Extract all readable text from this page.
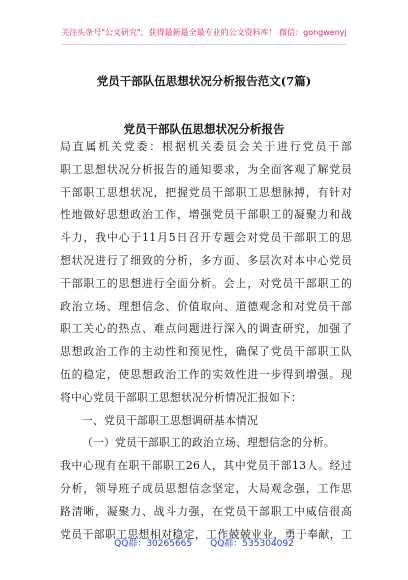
关注头条号"公文研究"，获得最新最全最专业的公文资料库！ 微信：gongwenyj
党员干部队伍思想状况分析报告范文(7篇)
党员干部队伍思想状况分析报告
局直属机关党委：根据机关委员会关于进行党员干部
职工思想状况分析报告的通知要求，为全面客观了解党员
干部职工思想状况，把握党员干部职工思想脉搏，有针对
性地做好思想政治工作，增强党员干部职工的凝聚力和战
斗力，我中心于11月5日召开专题会对党员干部职工的思
想状况进行了细致的分析，多方面、多层次对本中心党员
干部职工的思想进行全面分析。会上，对党员干部职工的
政治立场、理想信念、价值取向、道德观念和对党员干部
职工关心的热点、难点问题进行深入的调查研究，加强了
思想政治工作的主动性和预见性，确保了党员干部职工队
伍的稳定，使思想政治工作的实效性进一步得到增强。现
将中心党员干部职工思想状况分析情况汇报如下：
一、党员干部职工思想调研基本情况
（一）党员干部职工的政治立场、理想信念的分析。
我中心现有在职干部职工26人，其中党员干部13人。经过
分析，领导班子成员思想信念坚定，大局观念强，工作思
路清晰，凝聚力、战斗力强，在党员干部职工中威信很高
党员干部职工思想相对稳定，工作兢兢业业，勇于奉献，工
QQ群：30265665 QQ群：535304092
